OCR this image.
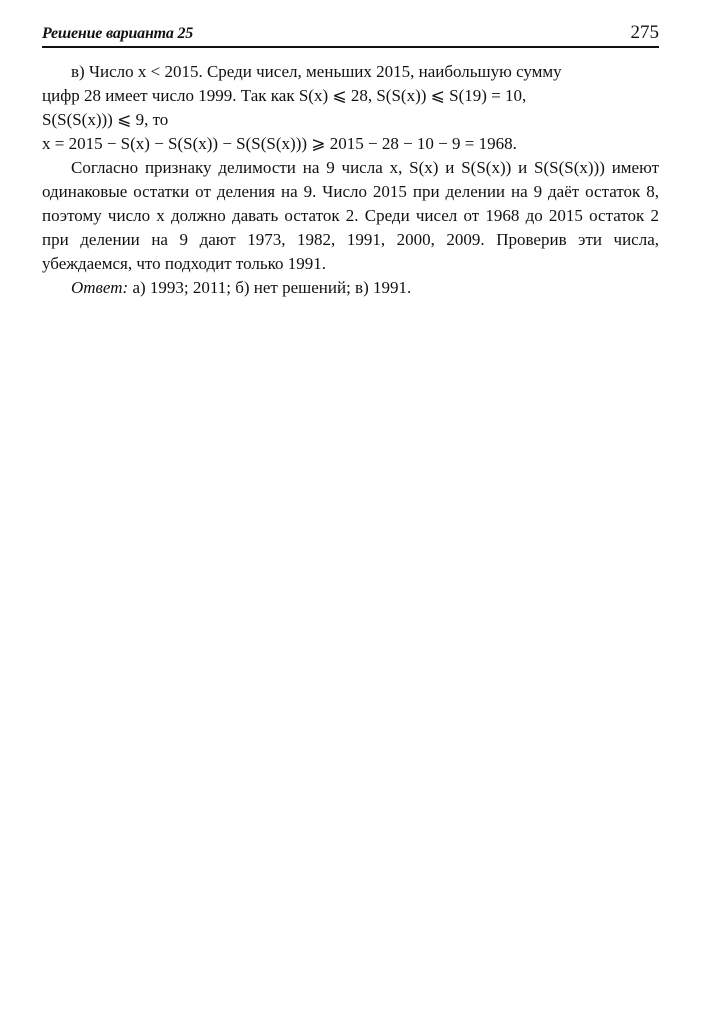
Решение варианта 25	275

в) Число x < 2015. Среди чисел, меньших 2015, наибольшую сумму

цифр 28 имеет число 1999. Так как S(x) ⩽ 28, S(S(x)) ⩽ S(19) = 10,

S(S(S(x))) ⩽ 9, то

x = 2015 − S(x) − S(S(x)) − S(S(S(x))) ⩾ 2015 − 28 − 10 − 9 = 1968.

Согласно признаку делимости на 9 числа x, S(x) и S(S(x)) и S(S(S(x))) имеют одинаковые остатки от деления на 9. Число 2015 при делении на 9 даёт остаток 8, поэтому число x должно давать остаток 2. Среди чисел от 1968 до 2015 остаток 2 при делении на 9 дают 1973, 1982, 1991, 2000, 2009. Проверив эти числа, убеждаемся, что подходит только 1991.

Ответ: а) 1993; 2011; б) нет решений; в) 1991.
